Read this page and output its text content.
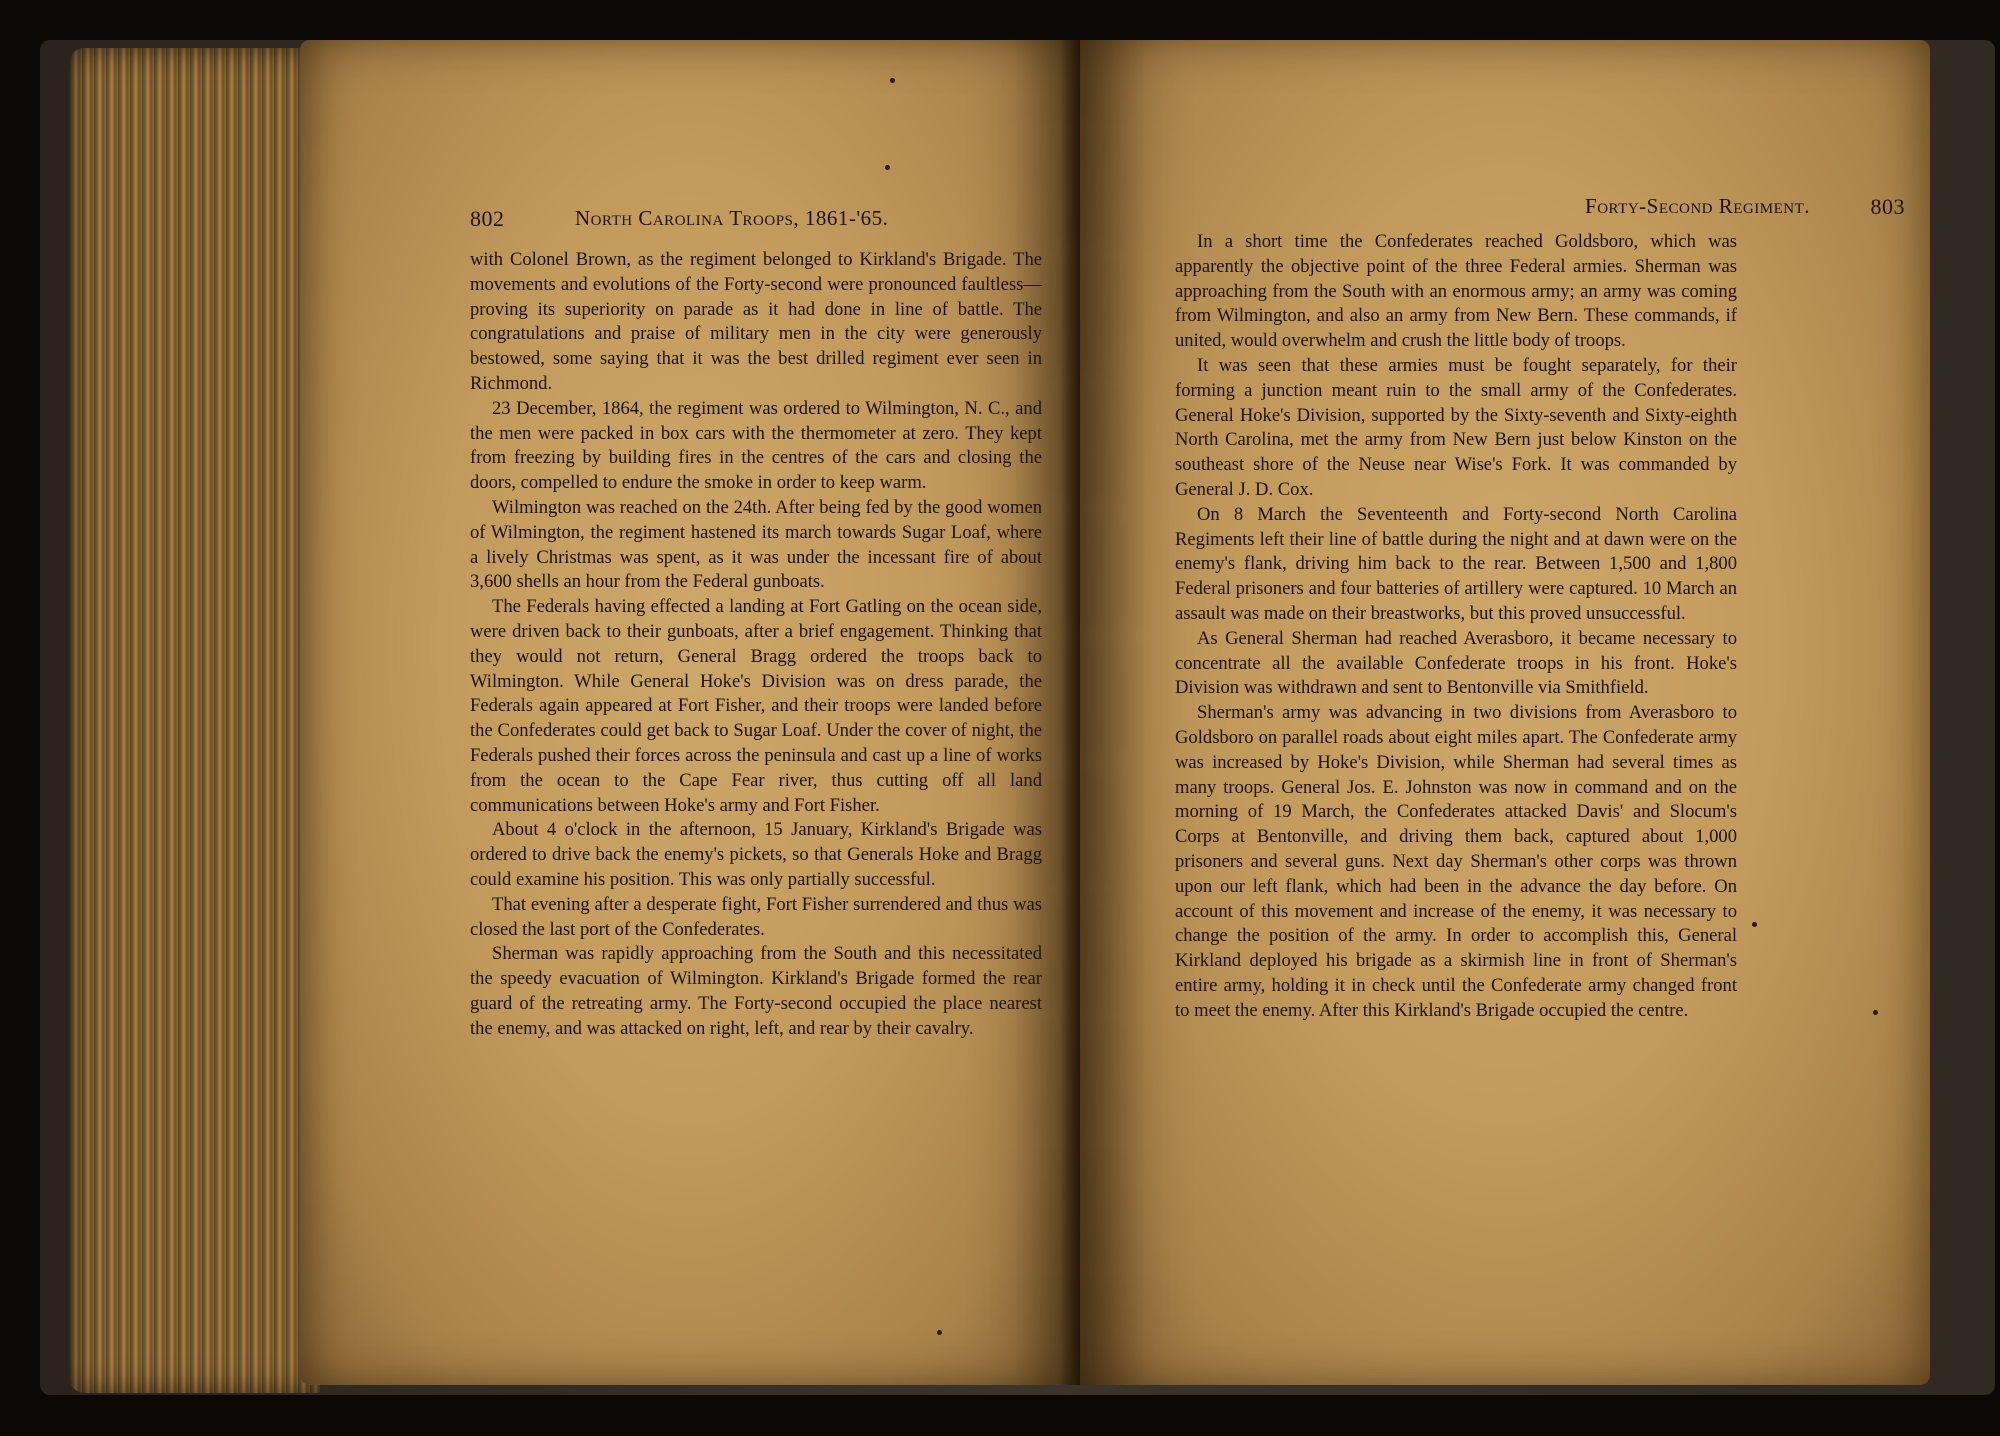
802	North Carolina Troops, 1861-'65.

with Colonel Brown, as the regiment belonged to Kirkland's Brigade. The movements and evolutions of the Forty-second were pronounced faultless—proving its superiority on parade as it had done in line of battle. The congratulations and praise of military men in the city were generously bestowed, some saying that it was the best drilled regiment ever seen in Richmond.

23 December, 1864, the regiment was ordered to Wilmington, N. C., and the men were packed in box cars with the thermometer at zero. They kept from freezing by building fires in the centres of the cars and closing the doors, compelled to endure the smoke in order to keep warm.

Wilmington was reached on the 24th. After being fed by the good women of Wilmington, the regiment hastened its march towards Sugar Loaf, where a lively Christmas was spent, as it was under the incessant fire of about 3,600 shells an hour from the Federal gunboats.

The Federals having effected a landing at Fort Gatling on the ocean side, were driven back to their gunboats, after a brief engagement. Thinking that they would not return, General Bragg ordered the troops back to Wilmington. While General Hoke's Division was on dress parade, the Federals again appeared at Fort Fisher, and their troops were landed before the Confederates could get back to Sugar Loaf. Under the cover of night, the Federals pushed their forces across the peninsula and cast up a line of works from the ocean to the Cape Fear river, thus cutting off all land communications between Hoke's army and Fort Fisher.

About 4 o'clock in the afternoon, 15 January, Kirkland's Brigade was ordered to drive back the enemy's pickets, so that Generals Hoke and Bragg could examine his position. This was only partially successful.

That evening after a desperate fight, Fort Fisher surrendered and thus was closed the last port of the Confederates.

Sherman was rapidly approaching from the South and this necessitated the speedy evacuation of Wilmington. Kirkland's Brigade formed the rear guard of the retreating army. The Forty-second occupied the place nearest the enemy, and was attacked on right, left, and rear by their cavalry.

Forty-Second Regiment.	803

In a short time the Confederates reached Goldsboro, which was apparently the objective point of the three Federal armies. Sherman was approaching from the South with an enormous army; an army was coming from Wilmington, and also an army from New Bern. These commands, if united, would overwhelm and crush the little body of troops.

It was seen that these armies must be fought separately, for their forming a junction meant ruin to the small army of the Confederates. General Hoke's Division, supported by the Sixty-seventh and Sixty-eighth North Carolina, met the army from New Bern just below Kinston on the southeast shore of the Neuse near Wise's Fork. It was commanded by General J. D. Cox.

On 8 March the Seventeenth and Forty-second North Carolina Regiments left their line of battle during the night and at dawn were on the enemy's flank, driving him back to the rear. Between 1,500 and 1,800 Federal prisoners and four batteries of artillery were captured. 10 March an assault was made on their breastworks, but this proved unsuccessful.

As General Sherman had reached Averasboro, it became necessary to concentrate all the available Confederate troops in his front. Hoke's Division was withdrawn and sent to Bentonville via Smithfield.

Sherman's army was advancing in two divisions from Averasboro to Goldsboro on parallel roads about eight miles apart. The Confederate army was increased by Hoke's Division, while Sherman had several times as many troops. General Jos. E. Johnston was now in command and on the morning of 19 March, the Confederates attacked Davis' and Slocum's Corps at Bentonville, and driving them back, captured about 1,000 prisoners and several guns. Next day Sherman's other corps was thrown upon our left flank, which had been in the advance the day before. On account of this movement and increase of the enemy, it was necessary to change the position of the army. In order to accomplish this, General Kirkland deployed his brigade as a skirmish line in front of Sherman's entire army, holding it in check until the Confederate army changed front to meet the enemy. After this Kirkland's Brigade occupied the centre.
